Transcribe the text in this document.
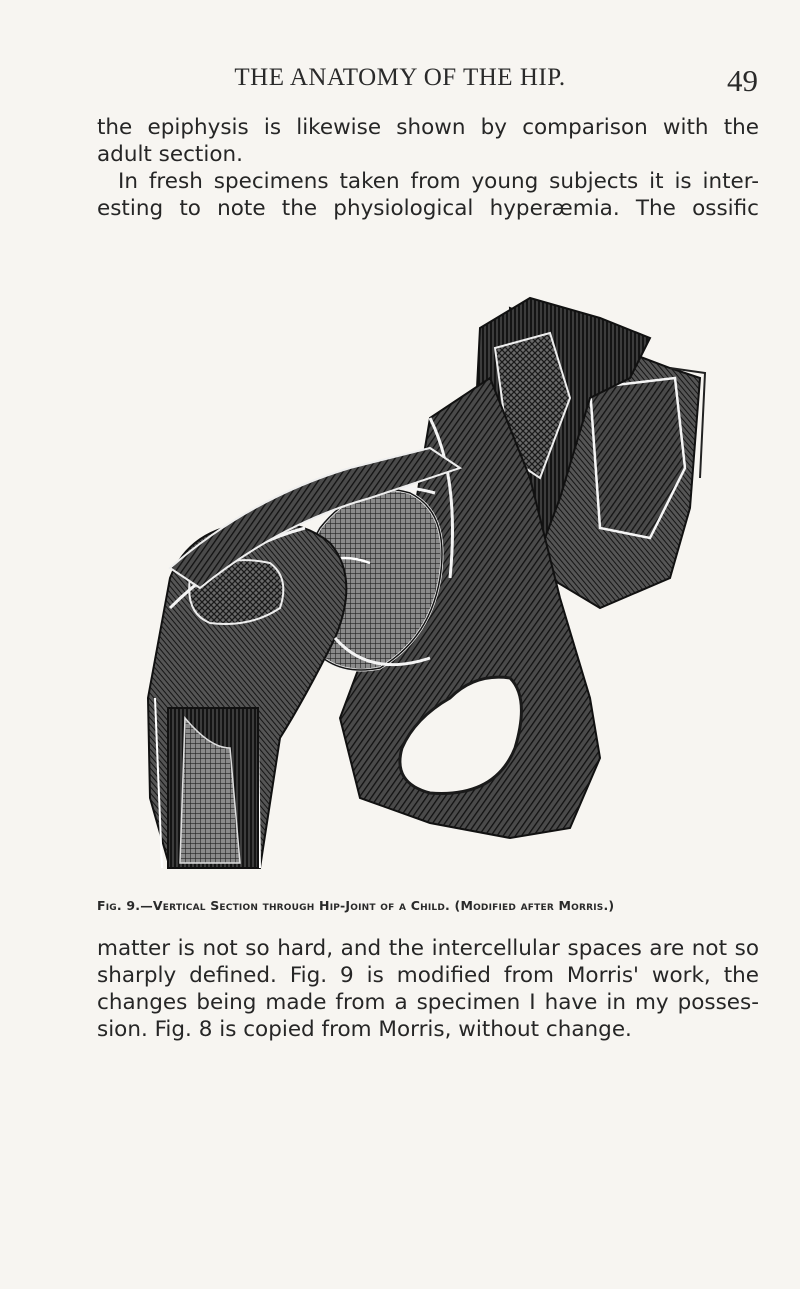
THE ANATOMY OF THE HIP.	49
the epiphysis is likewise shown by comparison with the
adult section.
In fresh specimens taken from young subjects it is inter-
esting to note the physiological hyperæmia. The ossific
Fig. 9.—Vertical Section through Hip-Joint of a Child. (Modified after Morris.)
matter is not so hard, and the intercellular spaces are not so
sharply defined. Fig. 9 is modified from Morris' work, the
changes being made from a specimen I have in my posses-
sion. Fig. 8 is copied from Morris, without change.
